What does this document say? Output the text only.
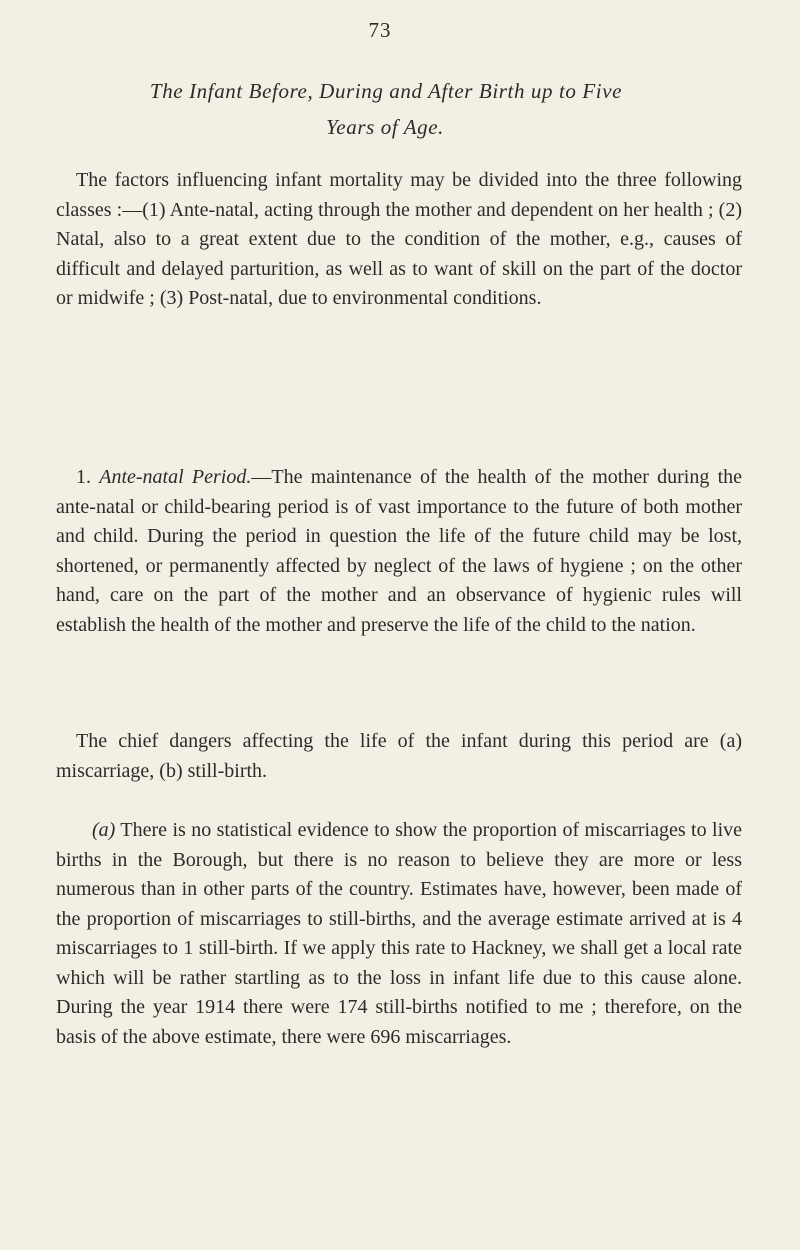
73
The Infant Before, During and After Birth up to Five
Years of Age.

The factors influencing infant mortality may be divided into the three following classes :—(1) Ante-natal, acting through the mother and dependent on her health ; (2) Natal, also to a great extent due to the condition of the mother, e.g., causes of difficult and delayed parturition, as well as to want of skill on the part of the doctor or midwife ; (3) Post-natal, due to environmental conditions.

1. Ante-natal Period.—The maintenance of the health of the mother during the ante-natal or child-bearing period is of vast importance to the future of both mother and child. During the period in question the life of the future child may be lost, shortened, or permanently affected by neglect of the laws of hygiene ; on the other hand, care on the part of the mother and an observance of hygienic rules will establish the health of the mother and preserve the life of the child to the nation.

The chief dangers affecting the life of the infant during this period are (a) miscarriage, (b) still-birth.

(a) There is no statistical evidence to show the proportion of miscarriages to live births in the Borough, but there is no reason to believe they are more or less numerous than in other parts of the country. Estimates have, however, been made of the proportion of miscarriages to still-births, and the average estimate arrived at is 4 miscarriages to 1 still-birth. If we apply this rate to Hackney, we shall get a local rate which will be rather startling as to the loss in infant life due to this cause alone. During the year 1914 there were 174 still-births notified to me ; therefore, on the basis of the above estimate, there were 696 miscarriages.
